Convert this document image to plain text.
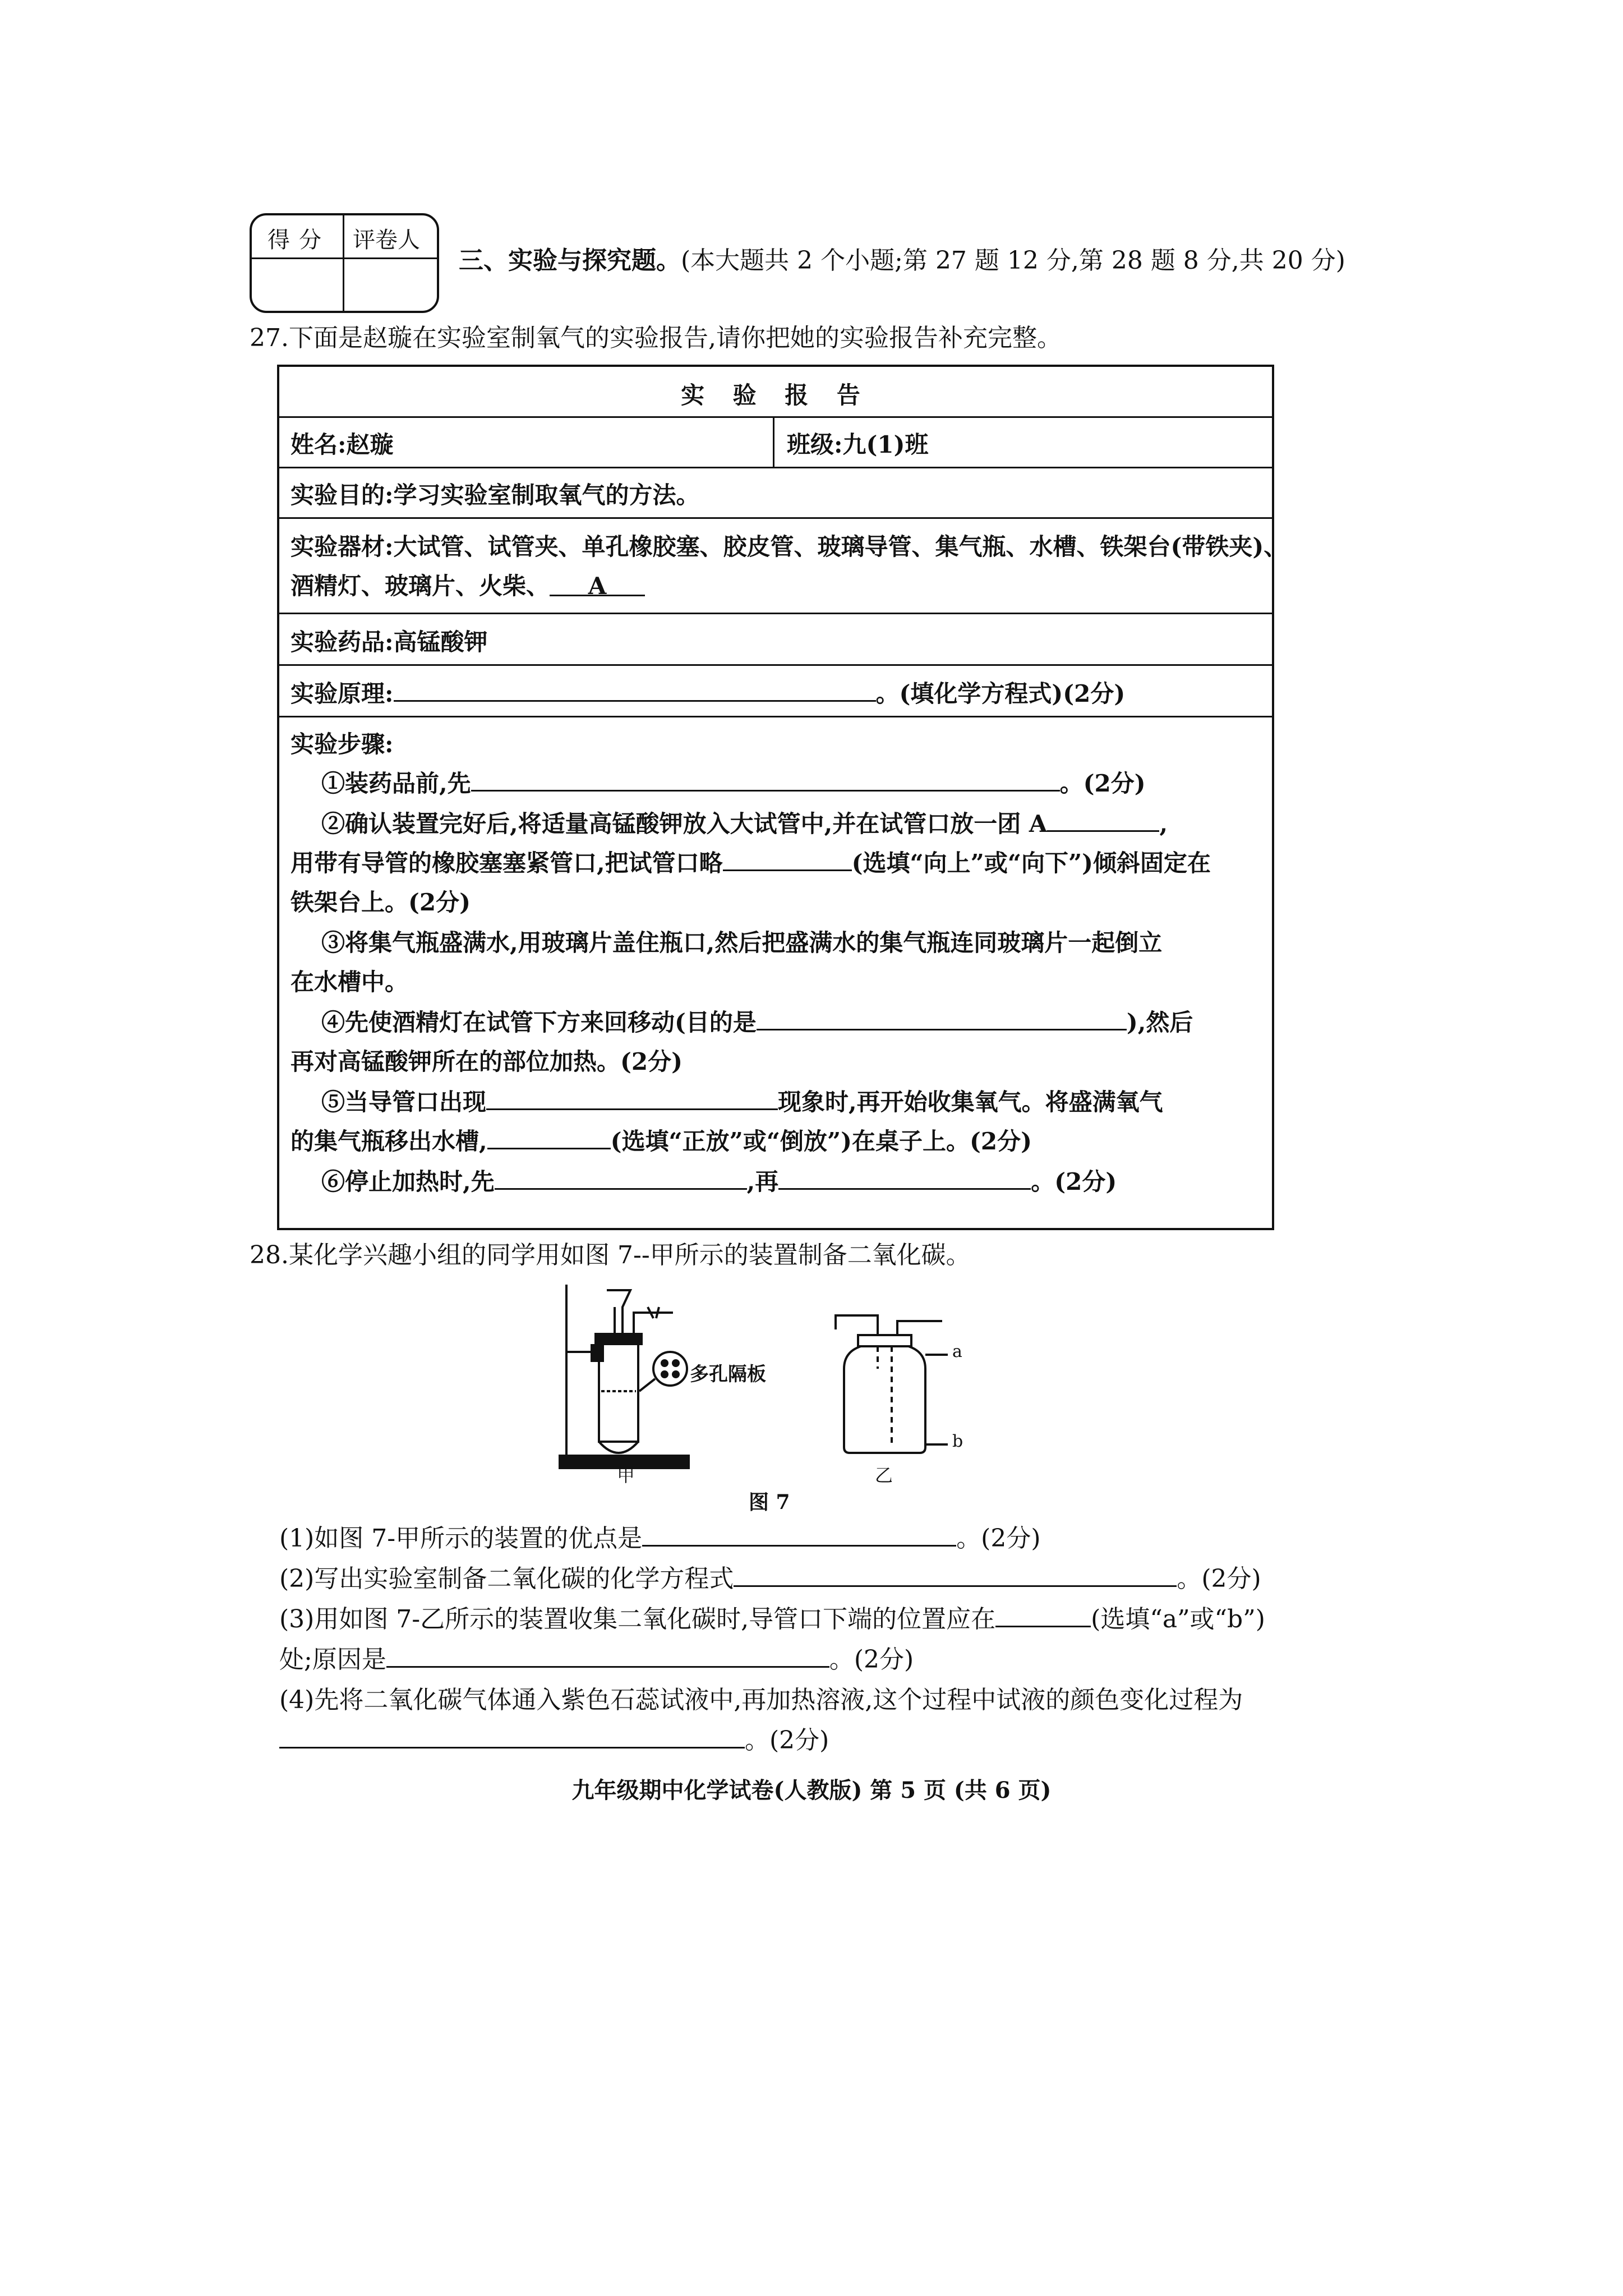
得分 评卷人
三、实验与探究题。(本大题共 2 个小题;第 27 题 12 分,第 28 题 8 分,共 20 分)
27.下面是赵璇在实验室制氧气的实验报告,请你把她的实验报告补充完整。
实 验 报 告
姓名:赵璇	班级:九(1)班
实验目的:学习实验室制取氧气的方法。
实验器材:大试管、试管夹、单孔橡胶塞、胶皮管、玻璃导管、集气瓶、水槽、铁架台(带铁夹)、
酒精灯、玻璃片、火柴、 A
实验药品:高锰酸钾
实验原理:	。(填化学方程式)(2分)
实验步骤:
①装药品前,先	。(2分)
②确认装置完好后,将适量高锰酸钾放入大试管中,并在试管口放一团 A	,
用带有导管的橡胶塞塞紧管口,把试管口略	(选填“向上”或“向下”)倾斜固定在
铁架台上。(2分)
③将集气瓶盛满水,用玻璃片盖住瓶口,然后把盛满水的集气瓶连同玻璃片一起倒立
在水槽中。
④先使酒精灯在试管下方来回移动(目的是	),然后
再对高锰酸钾所在的部位加热。(2分)
⑤当导管口出现	现象时,再开始收集氧气。将盛满氧气
的集气瓶移出水槽,	(选填“正放”或“倒放”)在桌子上。(2分)
⑥停止加热时,先	,再	。(2分)
28.某化学兴趣小组的同学用如图 7--甲所示的装置制备二氧化碳。
多孔隔板
甲	乙
a
b
图 7
(1)如图 7-甲所示的装置的优点是	。(2分)
(2)写出实验室制备二氧化碳的化学方程式	。(2分)
(3)用如图 7-乙所示的装置收集二氧化碳时,导管口下端的位置应在	(选填“a”或“b”)
处;原因是	。(2分)
(4)先将二氧化碳气体通入紫色石蕊试液中,再加热溶液,这个过程中试液的颜色变化过程为
。(2分)
九年级期中化学试卷(人教版) 第 5 页 (共 6 页)
